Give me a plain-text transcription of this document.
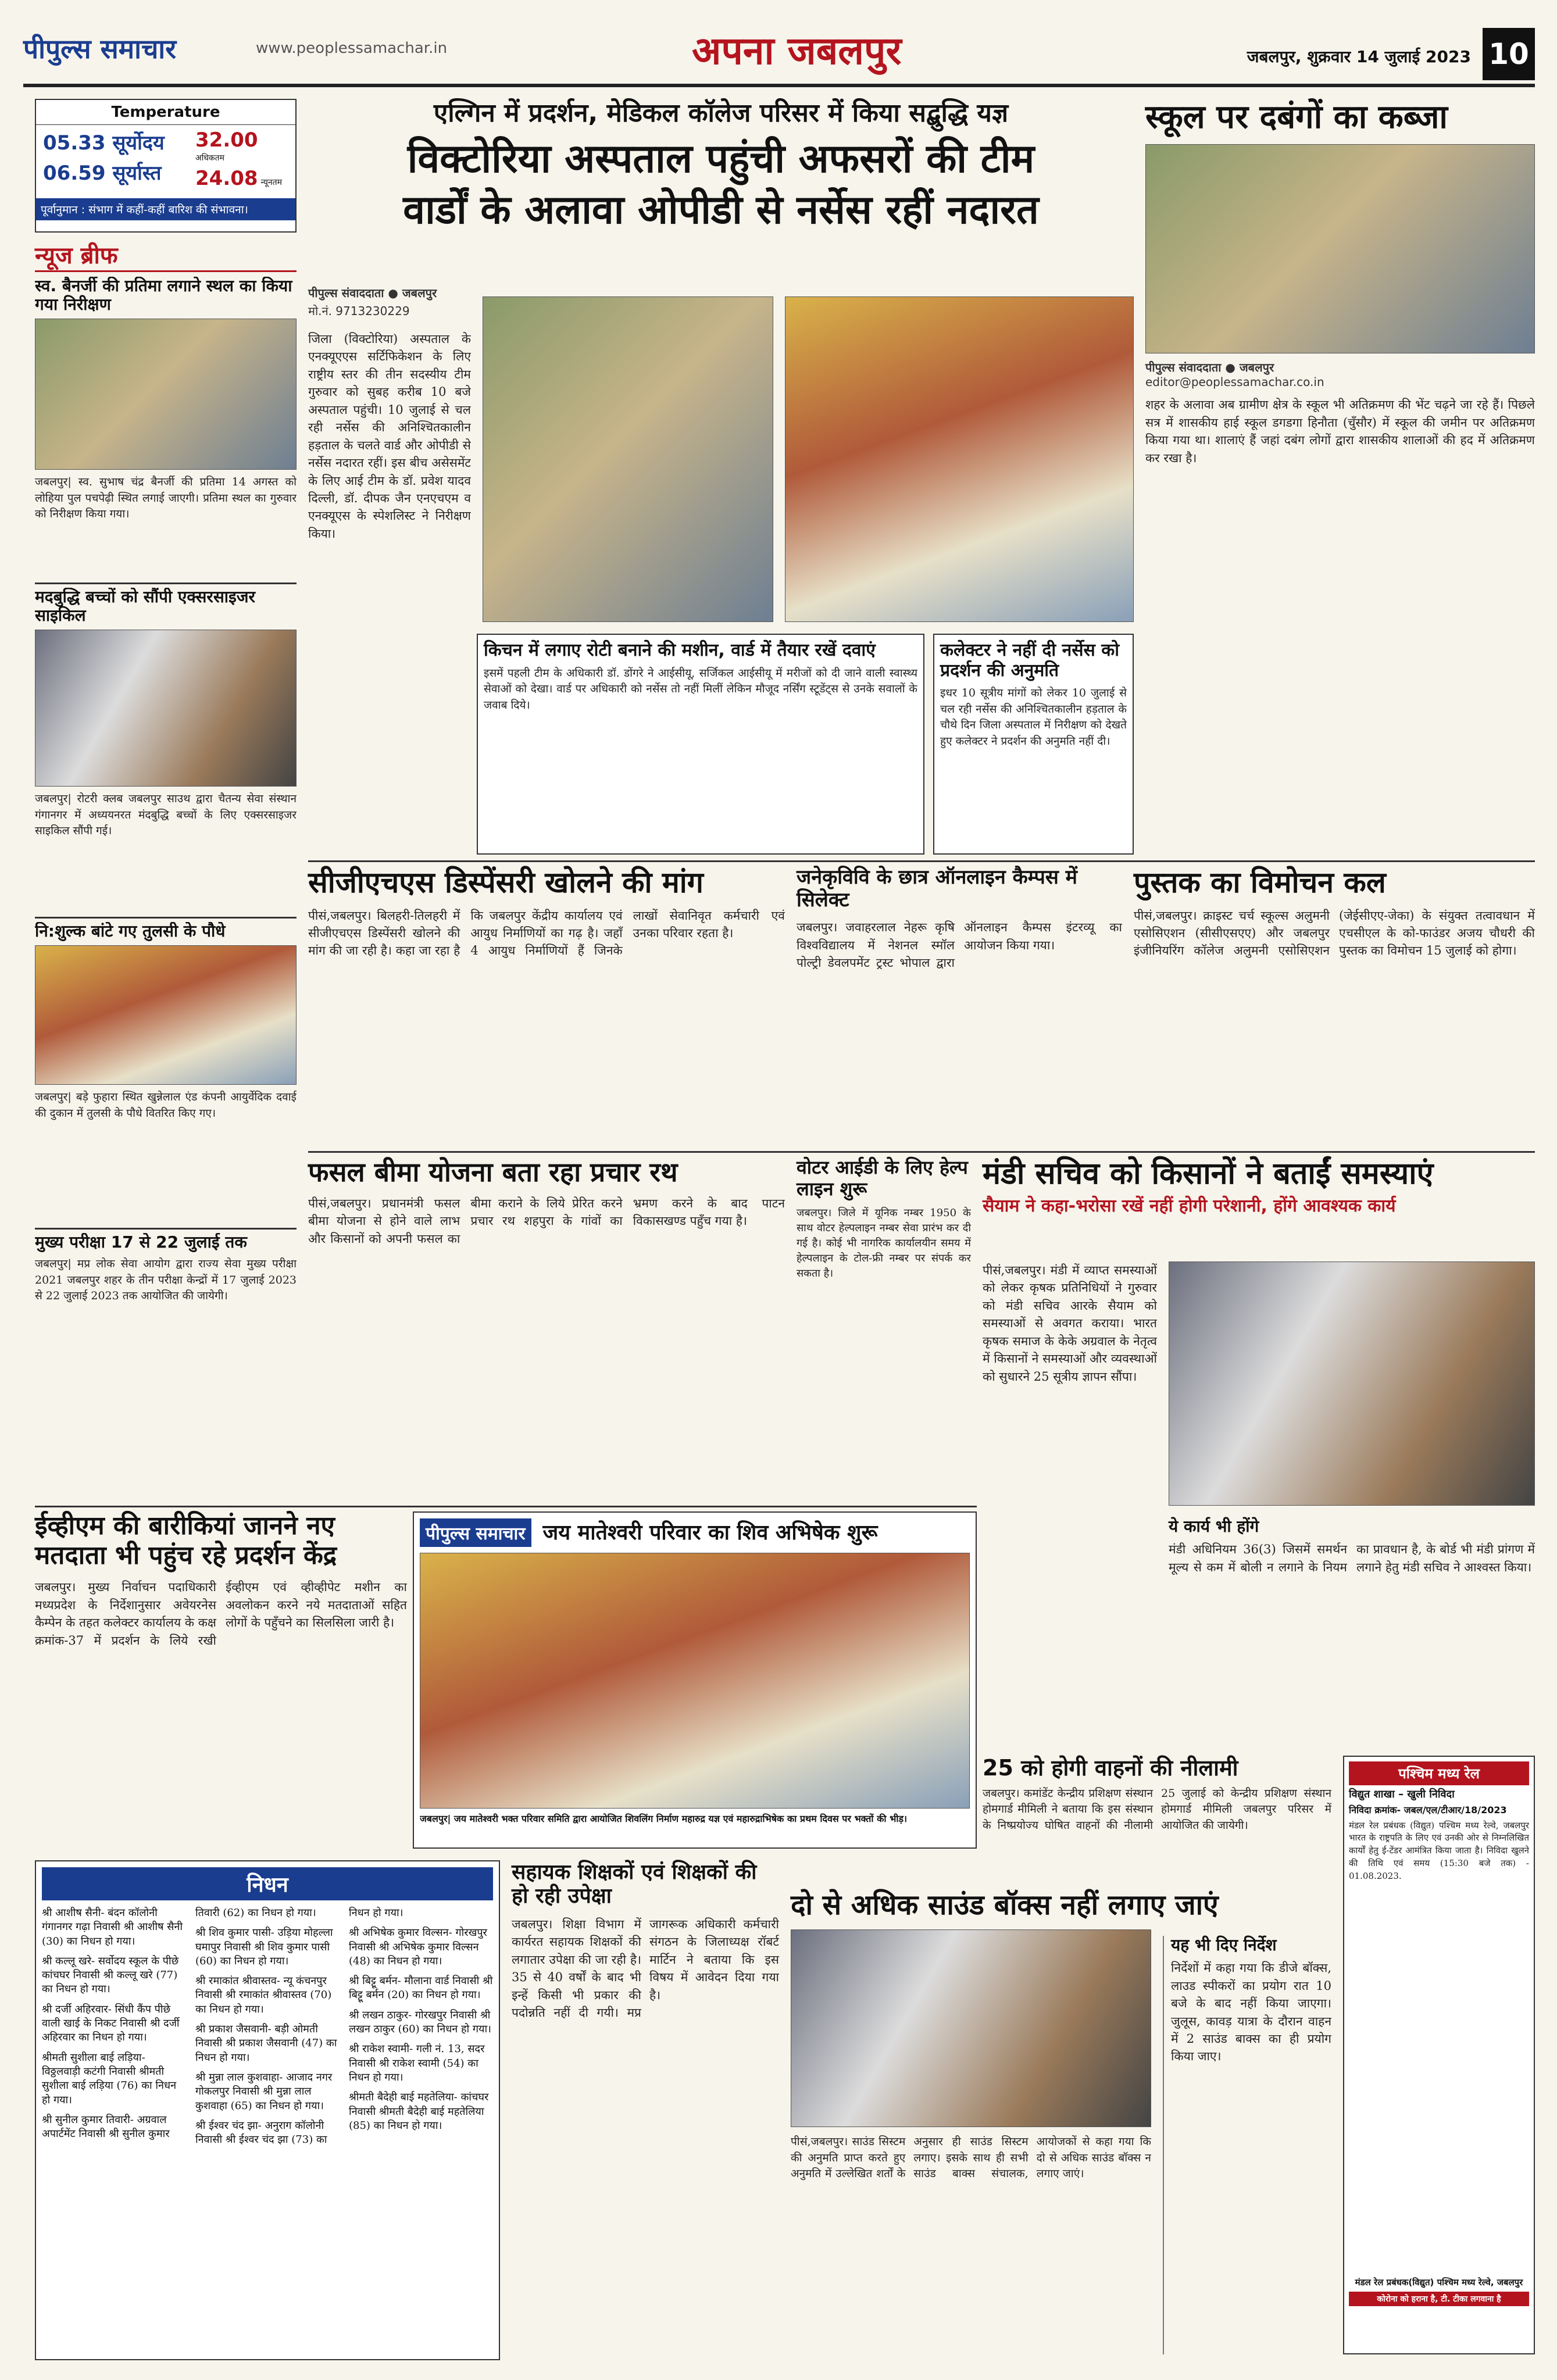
पीपुल्स समाचार	www.peoplessamachar.in	अपना जबलपुर	जबलपुर, शुक्रवार 14 जुलाई 2023 10
Temperature
05.33 सूर्योदय
06.59 सूर्यास्त
32.00 अधिकतम
24.08 न्यूनतम
पूर्वानुमान : संभाग में कहीं-कहीं बारिश की संभावना।
न्यूज ब्रीफ
स्व. बैनर्जी की प्रतिमा लगाने स्थल का किया गया निरीक्षण
जबलपुर| स्व. सुभाष चंद्र बैनर्जी की प्रतिमा 14 अगस्त को लोहिया पुल पचपेढ़ी स्थित लगाई जाएगी। प्रतिमा स्थल का गुरुवार को निरीक्षण किया गया।
मदबुद्धि बच्चों को सौंपी एक्सरसाइजर साइकिल
जबलपुर| रोटरी क्लब जबलपुर साउथ द्वारा चैतन्य सेवा संस्थान गंगानगर में अध्ययनरत मंदबुद्धि बच्चों के लिए एक्सरसाइजर साइकिल सौंपी गई।
नि:शुल्क बांटे गए तुलसी के पौधे
जबलपुर| बड़े फुहारा स्थित खुन्नेलाल एंड कंपनी आयुर्वेदिक दवाई की दुकान में तुलसी के पौधे वितरित किए गए।
मुख्य परीक्षा 17 से 22 जुलाई तक
जबलपुर| मप्र लोक सेवा आयोग द्वारा राज्य सेवा मुख्य परीक्षा 2021 जबलपुर शहर के तीन परीक्षा केन्द्रों में 17 जुलाई 2023 से 22 जुलाई 2023 तक आयोजित की जायेगी।
एल्गिन में प्रदर्शन, मेडिकल कॉलेज परिसर में किया सद्बुद्धि यज्ञ
विक्टोरिया अस्पताल पहुंची अफसरों की टीम
वार्डों के अलावा ओपीडी से नर्सेस रहीं नदारत
पीपुल्स संवाददाता ● जबलपुर
मो.नं. 9713230229
जिला (विक्टोरिया) अस्पताल के एनक्यूएएस सर्टिफिकेशन के लिए राष्ट्रीय स्तर की तीन सदस्यीय टीम गुरुवार को सुबह करीब 10 बजे अस्पताल पहुंची। 10 जुलाई से चल रही नर्सेस की अनिश्चितकालीन हड़ताल के चलते वार्ड और ओपीडी से नर्सेस नदारत रहीं। इस बीच असेसमेंट के लिए आई टीम के डॉ. प्रवेश यादव दिल्ली, डॉ. दीपक जैन एनएचएम व एनक्यूएस के स्पेशलिस्ट ने निरीक्षण किया।
किचन में लगाए रोटी बनाने की मशीन, वार्ड में तैयार रखें दवाएं
इसमें पहली टीम के अधिकारी डॉ. डोंगरे ने आईसीयू, सर्जिकल आईसीयू में मरीजों को दी जाने वाली स्वास्थ्य सेवाओं को देखा। वार्ड पर अधिकारी को नर्सेस तो नहीं मिलीं लेकिन मौजूद नर्सिंग स्टूडेंट्स से उनके सवालों के जवाब दिये।
कलेक्टर ने नहीं दी नर्सेस को प्रदर्शन की अनुमति
इधर 10 सूत्रीय मांगों को लेकर 10 जुलाई से चल रही नर्सेस की अनिश्चितकालीन हड़ताल के चौथे दिन जिला अस्पताल में निरीक्षण को देखते हुए कलेक्टर ने प्रदर्शन की अनुमति नहीं दी।
स्कूल पर दबंगों का कब्जा
पीपुल्स संवाददाता ● जबलपुर
editor@peoplessamachar.co.in
शहर के अलावा अब ग्रामीण क्षेत्र के स्कूल भी अतिक्रमण की भेंट चढ़ने जा रहे हैं। पिछले सत्र में शासकीय हाई स्कूल डगडगा हिनौता (चुँसौर) में स्कूल की जमीन पर अतिक्रमण किया गया था। शालाएं हैं जहां दबंग लोगों द्वारा शासकीय शालाओं की हद में अतिक्रमण कर रखा है।
सीजीएचएस डिस्पेंसरी खोलने की मांग
पीसं,जबलपुर। बिलहरी-तिलहरी में सीजीएचएस डिस्पेंसरी खोलने की मांग की जा रही है। कहा जा रहा है कि जबलपुर केंद्रीय कार्यालय एवं आयुध निर्माणियों का गढ़ है। जहाँ 4 आयुध निर्माणियों हैं जिनके लाखों सेवानिवृत कर्मचारी एवं उनका परिवार रहता है।
जनेकृविवि के छात्र ऑनलाइन कैम्पस में सिलेक्ट
जबलपुर। जवाहरलाल नेहरू कृषि विश्वविद्यालय में नेशनल स्मॉल पोल्ट्री डेवलपमेंट ट्रस्ट भोपाल द्वारा ऑनलाइन कैम्पस इंटरव्यू का आयोजन किया गया।
पुस्तक का विमोचन कल
पीसं,जबलपुर। क्राइस्ट चर्च स्कूल्स अलुमनी एसोसिएशन (सीसीएसएए) और जबलपुर इंजीनियरिंग कॉलेज अलुमनी एसोसिएशन (जेईसीएए-जेका) के संयुक्त तत्वावधान में एचसीएल के को-फाउंडर अजय चौधरी की पुस्तक का विमोचन 15 जुलाई को होगा।
फसल बीमा योजना बता रहा प्रचार रथ
पीसं,जबलपुर। प्रधानमंत्री फसल बीमा योजना से होने वाले लाभ और किसानों को अपनी फसल का बीमा कराने के लिये प्रेरित करने प्रचार रथ शहपुरा के गांवों का भ्रमण करने के बाद पाटन विकासखण्ड पहुँच गया है।
वोटर आईडी के लिए हेल्प लाइन शुरू
जबलपुर। जिले में यूनिक नम्बर 1950 के साथ वोटर हेल्पलाइन नम्बर सेवा प्रारंभ कर दी गई है। कोई भी नागरिक कार्यालयीन समय में हेल्पलाइन के टोल-फ्री नम्बर पर संपर्क कर सकता है।
मंडी सचिव को किसानों ने बताईं समस्याएं
सैयाम ने कहा-भरोसा रखें नहीं होगी परेशानी, होंगे आवश्यक कार्य
पीसं,जबलपुर। मंडी में व्याप्त समस्याओं को लेकर कृषक प्रतिनिधियों ने गुरुवार को मंडी सचिव आरके सैयाम को समस्याओं से अवगत कराया। भारत कृषक समाज के केके अग्रवाल के नेतृत्व में किसानों ने समस्याओं और व्यवस्थाओं को सुधारने 25 सूत्रीय ज्ञापन सौंपा।
ये कार्य भी होंगे
मंडी अधिनियम 36(3) जिसमें समर्थन मूल्य से कम में बोली न लगाने के नियम का प्रावधान है, के बोर्ड भी मंडी प्रांगण में लगाने हेतु मंडी सचिव ने आश्वस्त किया।
ईव्हीएम की बारीकियां जानने नए मतदाता भी पहुंच रहे प्रदर्शन केंद्र
जबलपुर। मुख्य निर्वाचन पदाधिकारी मध्यप्रदेश के निर्देशानुसार अवेयरनेस कैम्पेन के तहत कलेक्टर कार्यालय के कक्ष क्रमांक-37 में प्रदर्शन के लिये रखी ईव्हीएम एवं व्हीव्हीपेट मशीन का अवलोकन करने नये मतदाताओं सहित लोगों के पहुँचने का सिलसिला जारी है।
पीपुल्स समाचार जय मातेश्वरी परिवार का शिव अभिषेक शुरू
जबलपुर| जय मातेश्वरी भक्त परिवार समिति द्वारा आयोजित शिवलिंग निर्माण महारुद्र यज्ञ एवं महारुद्राभिषेक का प्रथम दिवस पर भक्तों की भीड़।
25 को होगी वाहनों की नीलामी
जबलपुर। कमांडेंट केन्द्रीय प्रशिक्षण संस्थान होमगार्ड मीमिली ने बताया कि इस संस्थान के निष्प्रयोज्य घोषित वाहनों की नीलामी 25 जुलाई को केन्द्रीय प्रशिक्षण संस्थान होमगार्ड मीमिली जबलपुर परिसर में आयोजित की जायेगी।
पश्चिम मध्य रेल
विद्युत शाखा – खुली निविदा
निविदा क्रमांक- जबल/एल/टीआर/18/2023
मंडल रेल प्रबंधक (विद्युत) पश्चिम मध्य रेल्वे, जबलपुर भारत के राष्ट्रपति के लिए एवं उनकी ओर से निम्नलिखित कार्यों हेतु ई-टेंडर आमंत्रित किया जाता है। निविदा खुलने की तिथि एवं समय (15:30 बजे तक) - 01.08.2023.
मंडल रेल प्रबंधक(विद्युत) पश्चिम मध्य रेल्वे, जबलपुर
कोरोना को हराना है, टी. टीका लगवाना है
निधन
श्री आशीष सैनी- बंदन कॉलोनी गंगानगर गढ़ा निवासी श्री आशीष सैनी (30) का निधन हो गया।
श्री कल्लू खरे- सर्वोदय स्कूल के पीछे कांचघर निवासी श्री कल्लू खरे (77) का निधन हो गया।
श्री दर्जी अहिरवार- सिंधी कैंप पीछे वाली खाई के निकट निवासी श्री दर्जी अहिरवार का निधन हो गया।
श्रीमती सुशीला बाई लड़िया- विठ्ठलवाड़ी कटंगी निवासी श्रीमती सुशीला बाई लड़िया (76) का निधन हो गया।
श्री सुनील कुमार तिवारी- अग्रवाल अपार्टमेंट निवासी श्री सुनील कुमार तिवारी (62) का निधन हो गया।
श्री शिव कुमार पासी- उड़िया मोहल्ला घमापुर निवासी श्री शिव कुमार पासी (60) का निधन हो गया।
श्री रमाकांत श्रीवास्तव- न्यू कंचनपुर निवासी श्री रमाकांत श्रीवास्तव (70) का निधन हो गया।
श्री प्रकाश जैसवानी- बड़ी ओमती निवासी श्री प्रकाश जैसवानी (47) का निधन हो गया।
श्री मुन्ना लाल कुशवाहा- आजाद नगर गोकलपुर निवासी श्री मुन्ना लाल कुशवाहा (65) का निधन हो गया।
श्री ईश्वर चंद झा- अनुराग कॉलोनी निवासी श्री ईश्वर चंद झा (73) का निधन हो गया।
श्री अभिषेक कुमार विल्सन- गोरखपुर निवासी श्री अभिषेक कुमार विल्सन (48) का निधन हो गया।
श्री बिट्टू बर्मन- मौलाना वार्ड निवासी श्री बिट्टू बर्मन (20) का निधन हो गया।
श्री लखन ठाकुर- गोरखपुर निवासी श्री लखन ठाकुर (60) का निधन हो गया।
श्री राकेश स्वामी- गली नं. 13, सदर निवासी श्री राकेश स्वामी (54) का निधन हो गया।
श्रीमती बैदेही बाई महतेलिया- कांचघर निवासी श्रीमती बैदेही बाई महतेलिया (85) का निधन हो गया।
सहायक शिक्षकों एवं शिक्षकों की हो रही उपेक्षा
जबलपुर। शिक्षा विभाग में कार्यरत सहायक शिक्षकों की लगातार उपेक्षा की जा रही है। 35 से 40 वर्षों के बाद भी इन्हें किसी भी प्रकार की पदोन्नति नहीं दी गयी। मप्र जागरूक अधिकारी कर्मचारी संगठन के जिलाध्यक्ष रॉबर्ट मार्टिन ने बताया कि इस विषय में आवेदन दिया गया है।
दो से अधिक साउंड बॉक्स नहीं लगाए जाएं
पीसं,जबलपुर। साउंड सिस्टम की अनुमति प्राप्त करते हुए अनुमति में उल्लेखित शर्तों के अनुसार ही साउंड सिस्टम लगाए। इसके साथ ही सभी साउंड बाक्स संचालक, आयोजकों से कहा गया कि दो से अधिक साउंड बॉक्स न लगाए जाएं।
यह भी दिए निर्देश
निर्देशों में कहा गया कि डीजे बॉक्स, लाउड स्पीकरों का प्रयोग रात 10 बजे के बाद नहीं किया जाएगा। जुलूस, कावड़ यात्रा के दौरान वाहन में 2 साउंड बाक्स का ही प्रयोग किया जाए।
